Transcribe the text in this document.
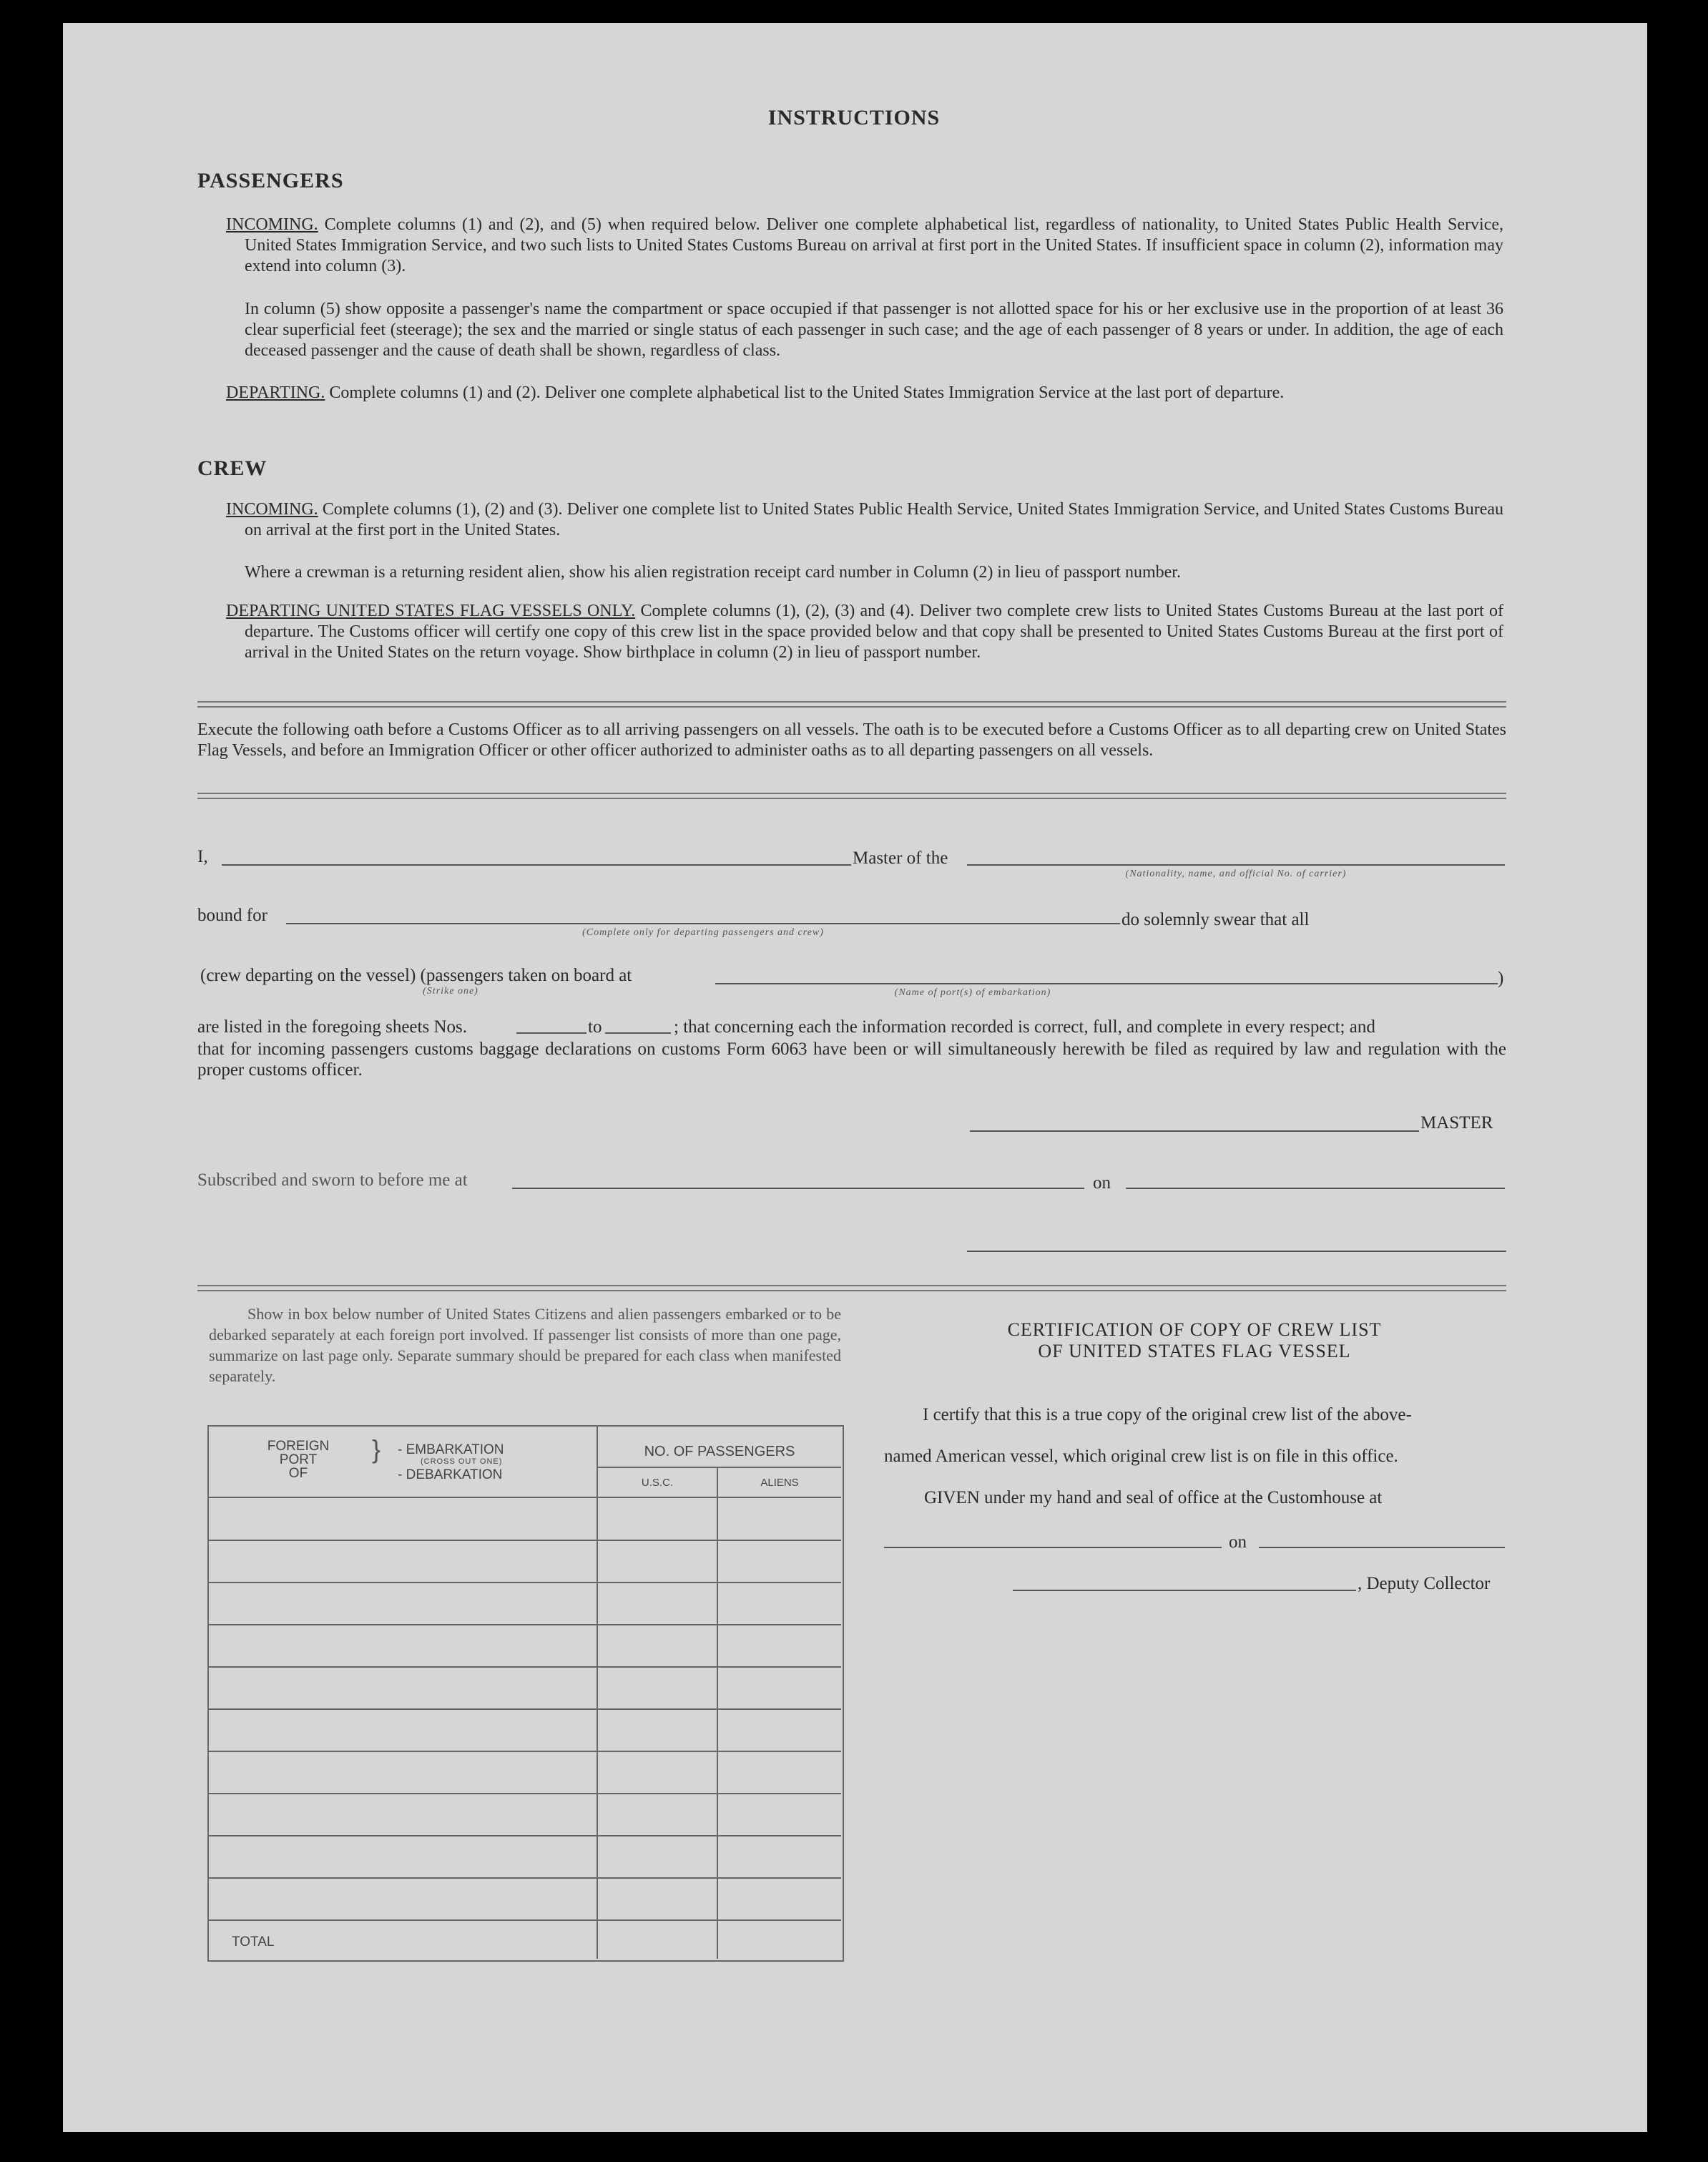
INSTRUCTIONS
PASSENGERS
INCOMING. Complete columns (1) and (2), and (5) when required below. Deliver one complete alphabetical list, regardless of nationality, to United States Public Health Service, United States Immigration Service, and two such lists to United States Customs Bureau on arrival at first port in the United States. If insufficient space in column (2), information may extend into column (3).
In column (5) show opposite a passenger's name the compartment or space occupied if that passenger is not allotted space for his or her exclusive use in the proportion of at least 36 clear superficial feet (steerage); the sex and the married or single status of each passenger in such case; and the age of each passenger of 8 years or under. In addition, the age of each deceased passenger and the cause of death shall be shown, regardless of class.
DEPARTING. Complete columns (1) and (2). Deliver one complete alphabetical list to the United States Immigration Service at the last port of departure.
CREW
INCOMING. Complete columns (1), (2) and (3). Deliver one complete list to United States Public Health Service, United States Immigration Service, and United States Customs Bureau on arrival at the first port in the United States.
Where a crewman is a returning resident alien, show his alien registration receipt card number in Column (2) in lieu of passport number.
DEPARTING UNITED STATES FLAG VESSELS ONLY. Complete columns (1), (2), (3) and (4). Deliver two complete crew lists to United States Customs Bureau at the last port of departure. The Customs officer will certify one copy of this crew list in the space provided below and that copy shall be presented to United States Customs Bureau at the first port of arrival in the United States on the return voyage. Show birthplace in column (2) in lieu of passport number.
Execute the following oath before a Customs Officer as to all arriving passengers on all vessels. The oath is to be executed before a Customs Officer as to all departing crew on United States Flag Vessels, and before an Immigration Officer or other officer authorized to administer oaths as to all departing passengers on all vessels.
I,	Master of the
(Nationality, name, and official No. of carrier)
bound for
(Complete only for departing passengers and crew)
do solemnly swear that all
(crew departing on the vessel) (passengers taken on board at
(Strike one)	(Name of port(s) of embarkation)
)
are listed in the foregoing sheets Nos.	to	; that concerning each the information recorded is correct, full, and complete in every respect; and
that for incoming passengers customs baggage declarations on customs Form 6063 have been or will simultaneously herewith be filed as required by law and regulation with the proper customs officer.
MASTER
Subscribed and sworn to before me at	on
Show in box below number of United States Citizens and alien passengers embarked or to be debarked separately at each foreign port involved. If passenger list consists of more than one page, summarize on last page only. Separate summary should be prepared for each class when manifested separately.
FOREIGN
PORT
OF
} - EMBARKATION
(CROSS OUT ONE)
- DEBARKATION
NO. OF PASSENGERS
U.S.C.	ALIENS
TOTAL
CERTIFICATION OF COPY OF CREW LIST
OF UNITED STATES FLAG VESSEL
I certify that this is a true copy of the original crew list of the above-
named American vessel, which original crew list is on file in this office.
GIVEN under my hand and seal of office at the Customhouse at
on
, Deputy Collector
